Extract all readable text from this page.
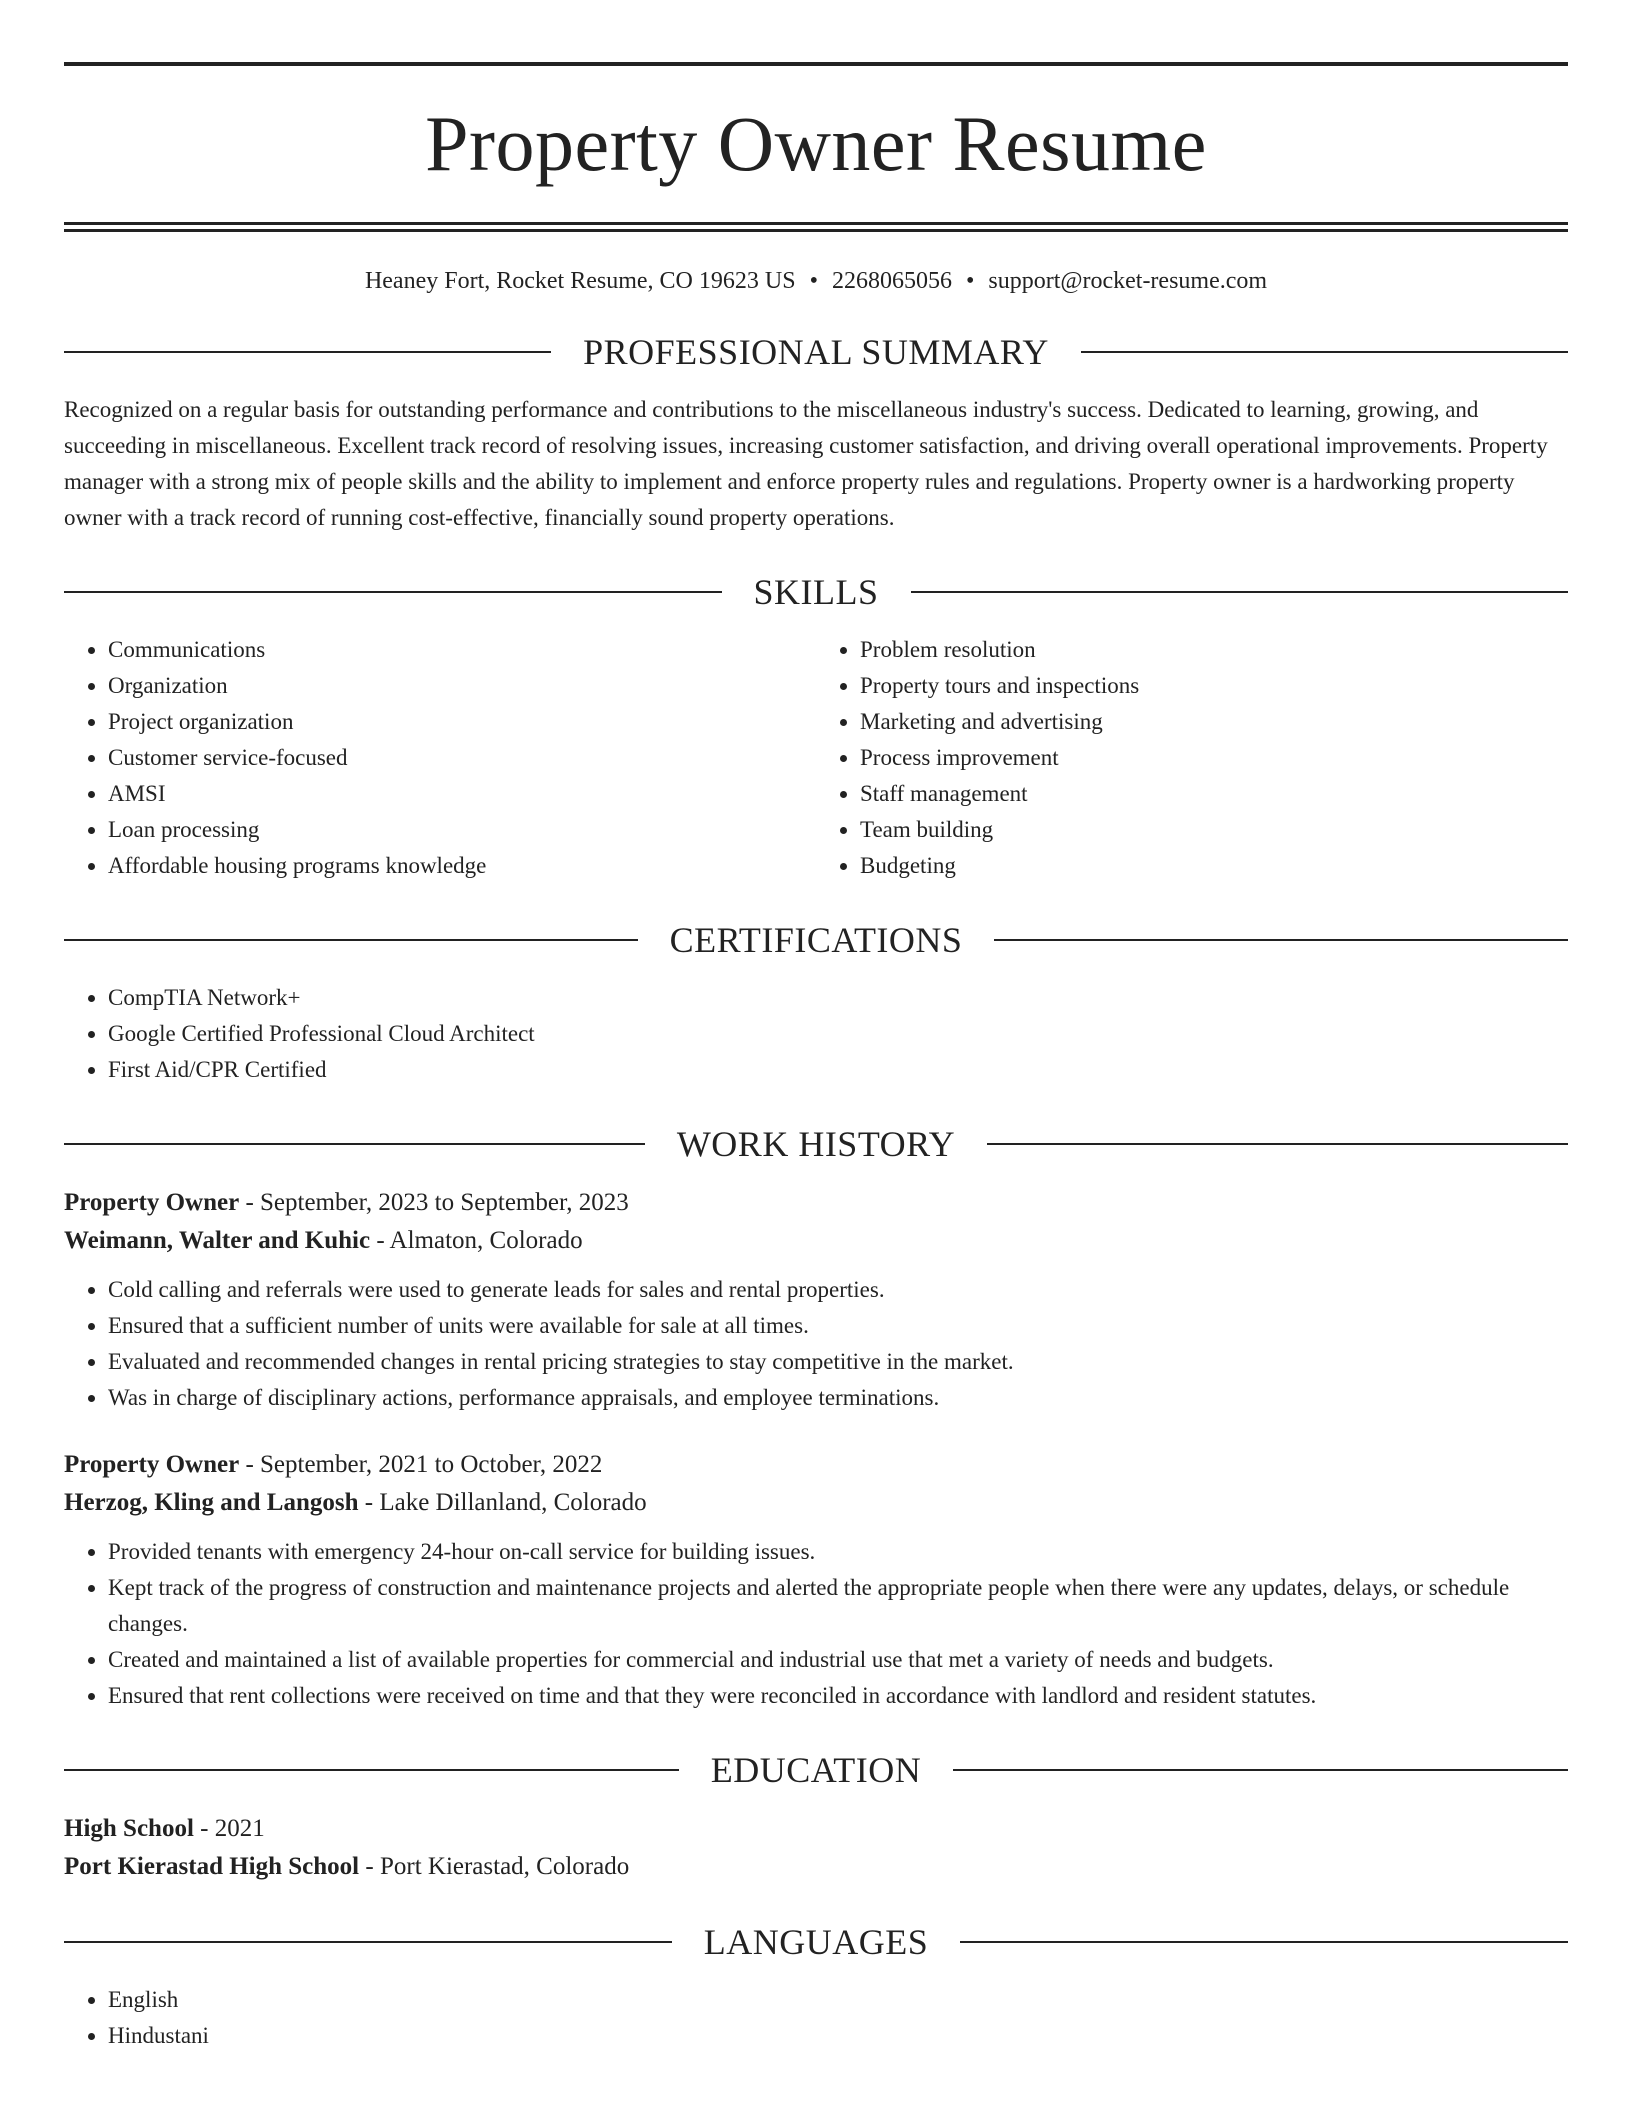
Property Owner Resume
Heaney Fort, Rocket Resume, CO 19623 US • 2268065056 • support@rocket-resume.com
PROFESSIONAL SUMMARY

Recognized on a regular basis for outstanding performance and contributions to the miscellaneous industry's success. Dedicated to learning, growing, and succeeding in miscellaneous. Excellent track record of resolving issues, increasing customer satisfaction, and driving overall operational improvements. Property manager with a strong mix of people skills and the ability to implement and enforce property rules and regulations. Property owner is a hardworking property owner with a track record of running cost-effective, financially sound property operations.

SKILLS
• Communications
• Organization
• Project organization
• Customer service-focused
• AMSI
• Loan processing
• Affordable housing programs knowledge
• Problem resolution
• Property tours and inspections
• Marketing and advertising
• Process improvement
• Staff management
• Team building
• Budgeting
CERTIFICATIONS
• CompTIA Network+
• Google Certified Professional Cloud Architect
• First Aid/CPR Certified
WORK HISTORY
Property Owner - September, 2023 to September, 2023
Weimann, Walter and Kuhic - Almaton, Colorado
• Cold calling and referrals were used to generate leads for sales and rental properties.
• Ensured that a sufficient number of units were available for sale at all times.
• Evaluated and recommended changes in rental pricing strategies to stay competitive in the market.
• Was in charge of disciplinary actions, performance appraisals, and employee terminations.
Property Owner - September, 2021 to October, 2022
Herzog, Kling and Langosh - Lake Dillanland, Colorado
• Provided tenants with emergency 24-hour on-call service for building issues.
• Kept track of the progress of construction and maintenance projects and alerted the appropriate people when there were any updates, delays, or schedule changes.
• Created and maintained a list of available properties for commercial and industrial use that met a variety of needs and budgets.
• Ensured that rent collections were received on time and that they were reconciled in accordance with landlord and resident statutes.
EDUCATION
High School - 2021
Port Kierastad High School - Port Kierastad, Colorado
LANGUAGES
• English
• Hindustani
